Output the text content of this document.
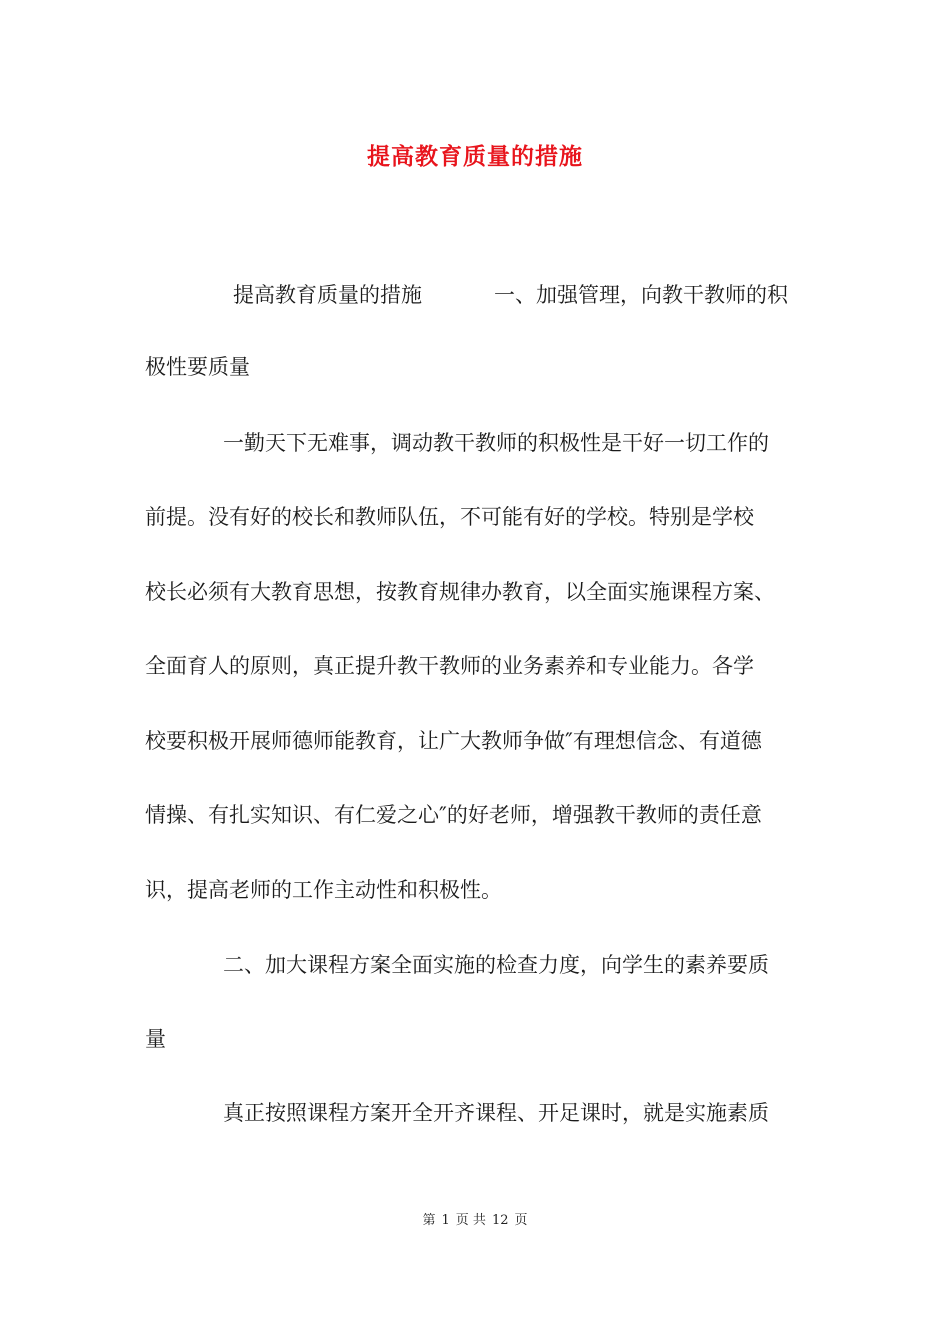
提高教育质量的措施

提高教育质量的措施	一、加强管理，向教干教师的积

极性要质量

一勤天下无难事，调动教干教师的积极性是干好一切工作的

前提。没有好的校长和教师队伍，不可能有好的学校。特别是学校

校长必须有大教育思想，按教育规律办教育，以全面实施课程方案、

全面育人的原则，真正提升教干教师的业务素养和专业能力。各学

校要积极开展师德师能教育，让广大教师争做″有理想信念、有道德

情操、有扎实知识、有仁爱之心″的好老师，增强教干教师的责任意

识，提高老师的工作主动性和积极性。

二、加大课程方案全面实施的检查力度，向学生的素养要质

量

真正按照课程方案开全开齐课程、开足课时，就是实施素质

第 1 页 共 12 页
